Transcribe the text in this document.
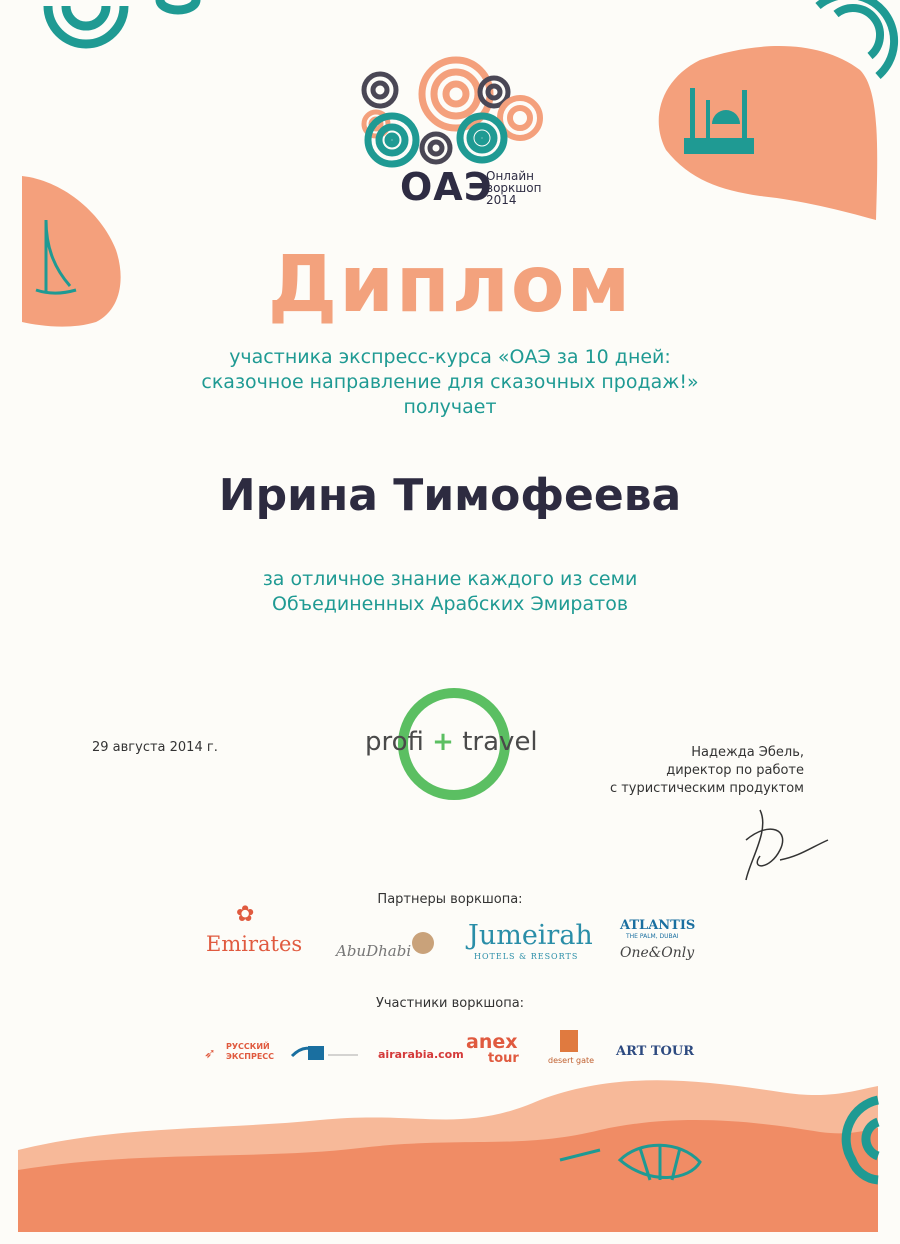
ОАЭ
Онлайн
воркшоп
2014
Диплом
участника экспресс-курса «ОАЭ за 10 дней:
сказочное направление для сказочных продаж!»
получает
Ирина Тимофеева
за отличное знание каждого из семи
Объединенных Арабских Эмиратов
29 августа 2014 г.	profi + travel	Надежда Эбель,
директор по работе
с туристическим продуктом
Партнеры воркшопа:
Emirates
✿
AbuDhabi Jumeirah
HOTELS & RESORTS
ATLANTIS
THE PALM, DUBAI
One&Only
Участники воркшопа:
➶ РУССКИЙ
ЭКСПРЕСС	airarabia.com
anex
tour	desert gate
ART TOUR
